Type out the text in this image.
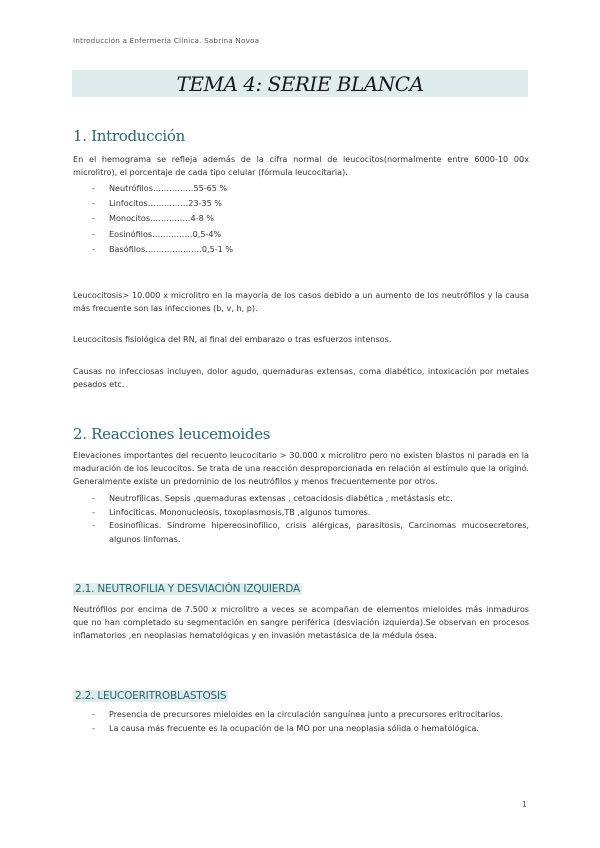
Introducción a Enfermería Clínica. Sabrina Novoa
TEMA 4: SERIE BLANCA
1. Introducción
En el hemograma se refleja además de la cifra normal de leucocitos(normalmente entre 6000-10 00x microlitro), el porcentaje de cada tipo celular (fórmula leucocitaria).
- Neutrófilos……………55-65 %
- Linfocitos……………23-35 %
- Monocitos……………4-8 %
- Eosinófilos……………0,5-4%
- Basófilos…………………0,5-1 %
Leucocitosis> 10.000 x microlitro en la mayoría de los casos debido a un aumento de los neutrófilos y la causa más frecuente son las infecciones (b, v, h, p).
Leucocitosis fisiológica del RN, al final del embarazo o tras esfuerzos intensos.
Causas no infecciosas incluyen, dolor agudo, quemaduras extensas, coma diabético, intoxicación por metales pesados etc.
2. Reacciones leucemoides
Elevaciones importantes del recuento leucocitario > 30.000 x microlitro pero no existen blastos ni parada en la maduración de los leucocitos. Se trata de una reacción desproporcionada en relación al estímulo que la originó. Generalmente existe un predominio de los neutrófilos y menos frecuentemente por otros.
- Neutrofílicas. Sepsis ,quemaduras extensas , cetoacidosis diabética , metástasis etc.
- Linfocíticas. Mononucleosis, toxoplasmosis,TB ,algunos tumores.
- Eosinofílicas. Síndrome hipereosinofílico, crisis alérgicas, parasitosis, Carcinomas mucosecretores, algunos linfomas.
2.1. NEUTROFILIA Y DESVIACIÓN IZQUIERDA
Neutrófilos por encima de 7.500 x microlitro a veces se acompañan de elementos mieloides más inmaduros que no han completado su segmentación en sangre periférica (desviación izquierda).Se observan en procesos inflamatorios ,en neoplasias hematológicas y en invasión metastásica de la médula ósea.
2.2. LEUCOERITROBLASTOSIS
- Presencia de precursores mieloides en la circulación sanguínea junto a precursores eritrocitarios.
- La causa más frecuente es la ocupación de la MO por una neoplasia sólida o hematológica.
1
